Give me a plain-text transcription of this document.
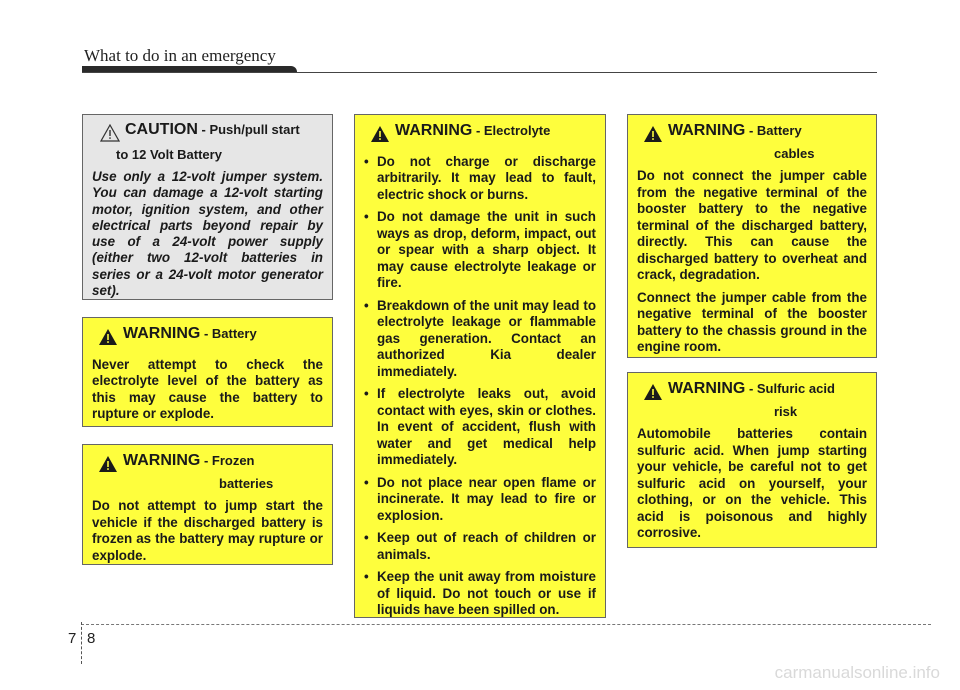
What to do in an emergency
CAUTION - Push/pull start
to 12 Volt Battery
Use only a 12-volt jumper system. You can damage a 12-volt starting motor, ignition system, and other electrical parts beyond repair by use of a 24-volt power supply (either two 12-volt batteries in series or a 24-volt motor generator set).
WARNING - Battery
Never attempt to check the electrolyte level of the battery as this may cause the battery to rupture or explode.
WARNING - Frozen
batteries
Do not attempt to jump start the vehicle if the discharged battery is frozen as the battery may rupture or explode.
WARNING - Electrolyte
• Do not charge or discharge arbitrarily. It may lead to fault, electric shock or burns.
• Do not damage the unit in such ways as drop, deform, impact, out or spear with a sharp object. It may cause electrolyte leakage or fire.
• Breakdown of the unit may lead to electrolyte leakage or flammable gas generation. Contact an authorized Kia dealer immediately.
• If electrolyte leaks out, avoid contact with eyes, skin or clothes. In event of accident, flush with water and get medical help immediately.
• Do not place near open flame or incinerate. It may lead to fire or explosion.
• Keep out of reach of children or animals.
• Keep the unit away from moisture of liquid. Do not touch or use if liquids have been spilled on.
WARNING - Battery
cables
Do not connect the jumper cable from the negative terminal of the booster battery to the negative terminal of the discharged battery, directly. This can cause the discharged battery to overheat and crack, degradation.
Connect the jumper cable from the negative terminal of the booster battery to the chassis ground in the engine room.
WARNING - Sulfuric acid
risk
Automobile batteries contain sulfuric acid. When jump starting your vehicle, be careful not to get sulfuric acid on yourself, your clothing, or on the vehicle. This acid is poisonous and highly corrosive.
7 8
carmanualsonline.info
